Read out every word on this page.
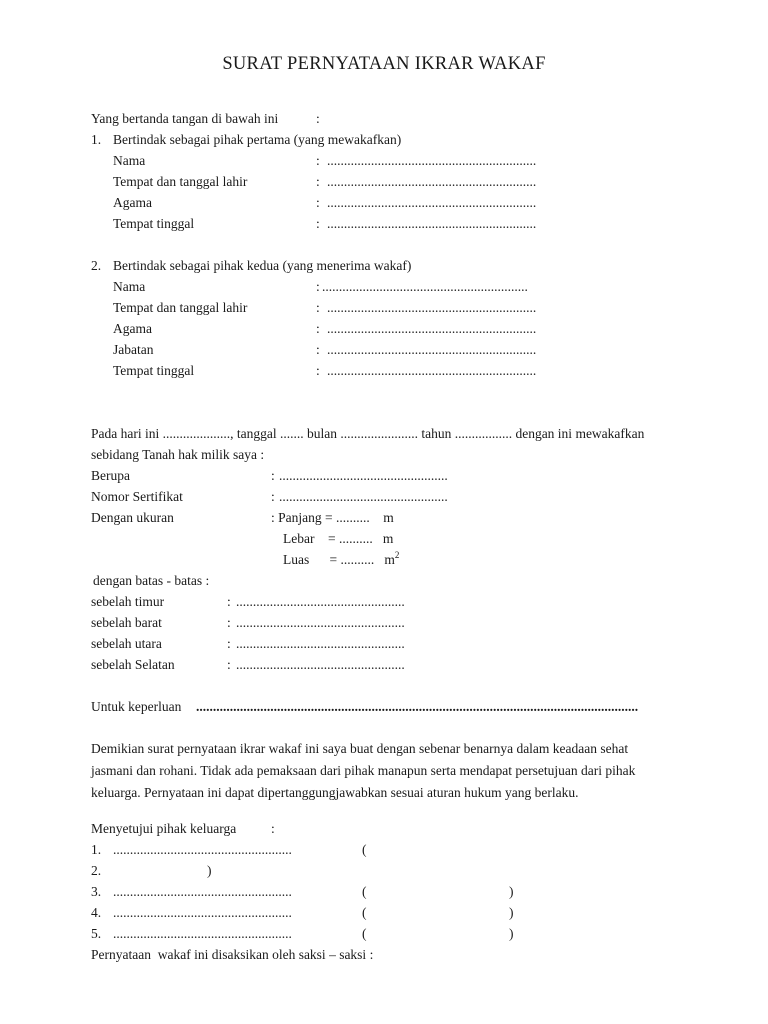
SURAT PERNYATAAN IKRAR WAKAF
Yang bertanda tangan di bawah ini	:
1. Bertindak sebagai pihak pertama (yang mewakafkan)
Nama	: ..............................................................
Tempat dan tanggal lahir	: ..............................................................
Agama	: ..............................................................
Tempat tinggal	: ..............................................................
2. Bertindak sebagai pihak kedua (yang menerima wakaf)
Nama	: .............................................................
Tempat dan tanggal lahir	: ..............................................................
Agama	: ..............................................................
Jabatan	: ..............................................................
Tempat tinggal	: ..............................................................
Pada hari ini ...................., tanggal ....... bulan ....................... tahun ................. dengan ini mewakafkan
sebidang Tanah hak milik saya :
Berupa	: ..................................................
Nomor Sertifikat	: ..................................................
Dengan ukuran	: Panjang = ..........    m
Lebar    = ..........   m
Luas      = ..........   $m^2$
dengan batas - batas :
sebelah timur	: ..................................................
sebelah barat	: ..................................................
sebelah utara	: ..................................................
sebelah Selatan	: ..................................................
Untuk keperluan ...................................................................................................................................
Demikian surat pernyataan ikrar wakaf ini saya buat dengan sebenar benarnya dalam keadaan sehat
jasmani dan rohani. Tidak ada pemaksaan dari pihak manapun serta mendapat persetujuan dari pihak
keluarga. Pernyataan ini dapat dipertanggungjawabkan sesuai aturan hukum yang berlaku.
Menyetujui pihak keluarga	:
1. .....................................................	(
2.	)
3. .....................................................	(	)
4. .....................................................	(	)
5. .....................................................	(	)
Pernyataan  wakaf ini disaksikan oleh saksi – saksi :
